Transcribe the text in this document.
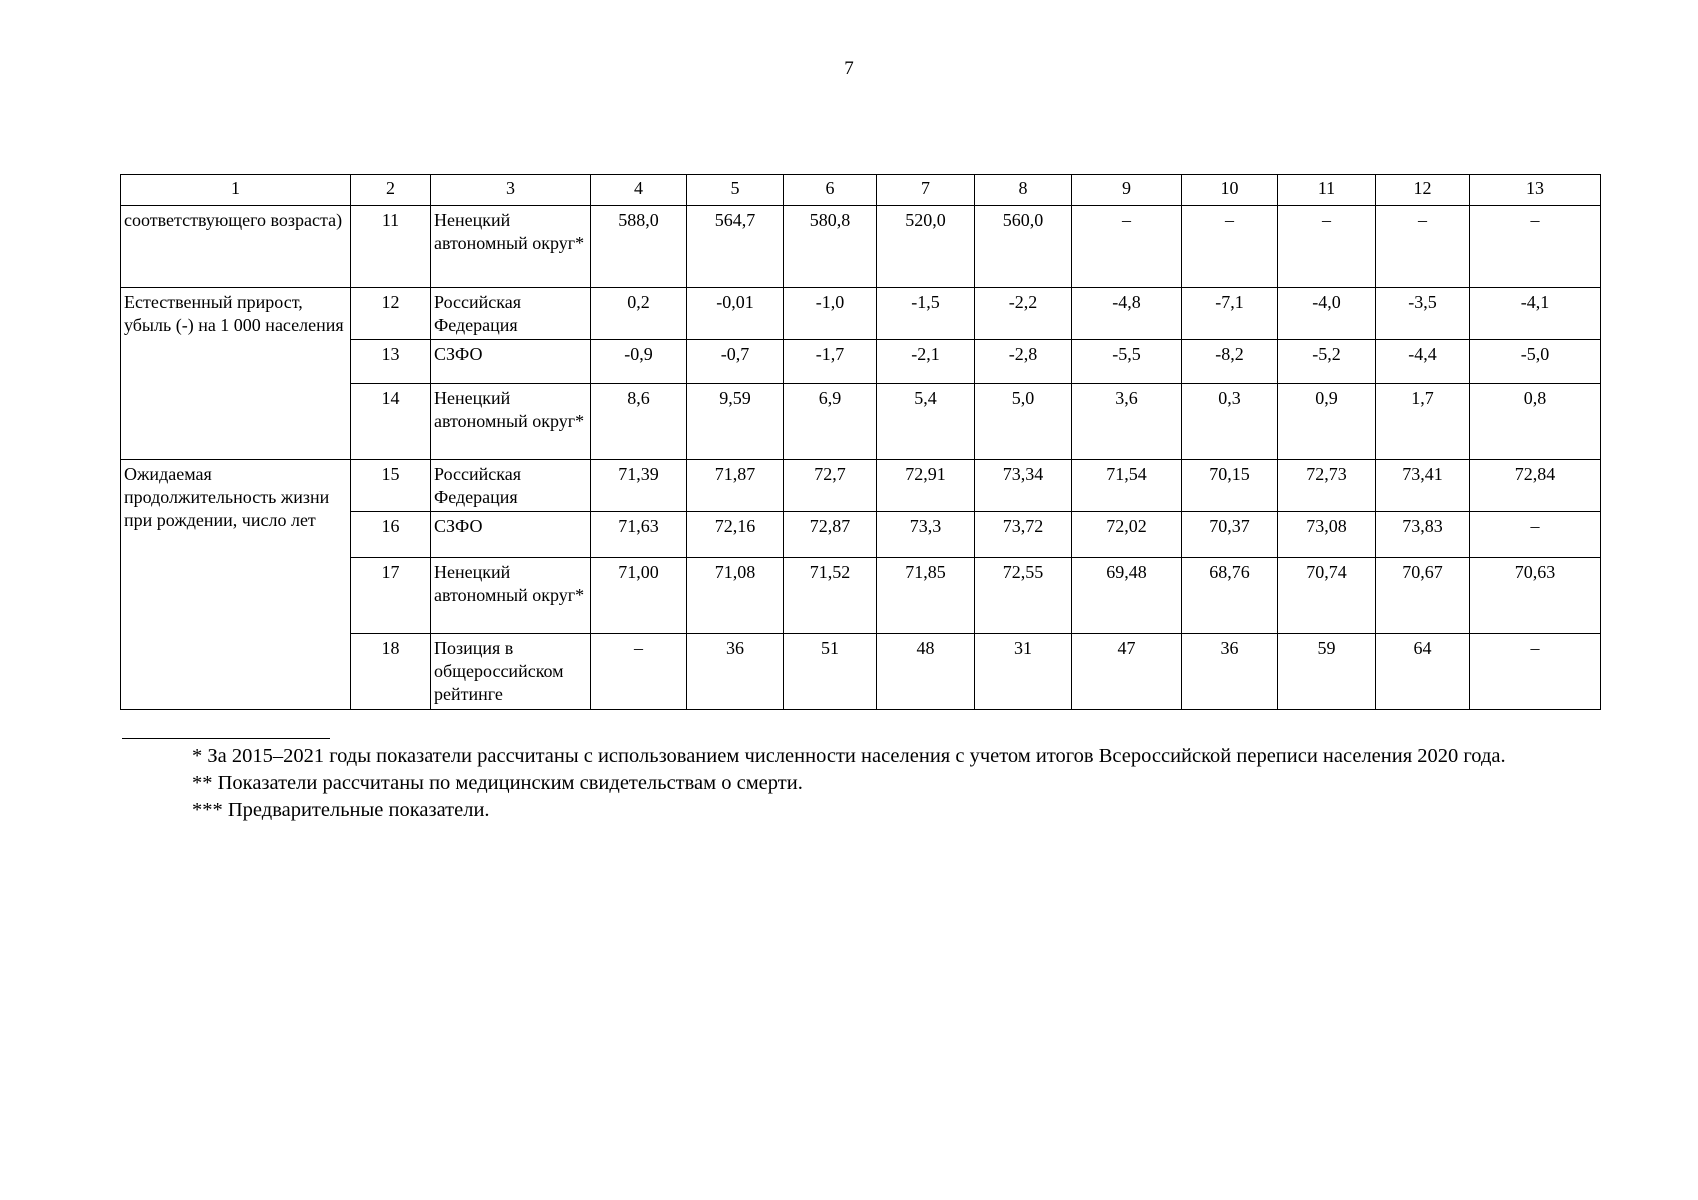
7
1	2	3	4	5	6	7	8	9	10	11	12	13
соответствующего возраста)	11	Ненецкий автономный округ*	588,0	564,7	580,8	520,0	560,0	–	–	–	–	–
Естественный прирост, убыль (-) на 1 000 населения	12	Российская Федерация	0,2	-0,01	-1,0	-1,5	-2,2	-4,8	-7,1	-4,0	-3,5	-4,1
	13	СЗФО	-0,9	-0,7	-1,7	-2,1	-2,8	-5,5	-8,2	-5,2	-4,4	-5,0
	14	Ненецкий автономный округ*	8,6	9,59	6,9	5,4	5,0	3,6	0,3	0,9	1,7	0,8
Ожидаемая продолжительность жизни при рождении, число лет	15	Российская Федерация	71,39	71,87	72,7	72,91	73,34	71,54	70,15	72,73	73,41	72,84
	16	СЗФО	71,63	72,16	72,87	73,3	73,72	72,02	70,37	73,08	73,83	–
	17	Ненецкий автономный округ*	71,00	71,08	71,52	71,85	72,55	69,48	68,76	70,74	70,67	70,63
	18	Позиция в общероссийском рейтинге	–	36	51	48	31	47	36	59	64	–

* За 2015–2021 годы показатели рассчитаны с использованием численности населения с учетом итогов Всероссийской переписи населения 2020 года.

** Показатели рассчитаны по медицинским свидетельствам о смерти.

*** Предварительные показатели.
